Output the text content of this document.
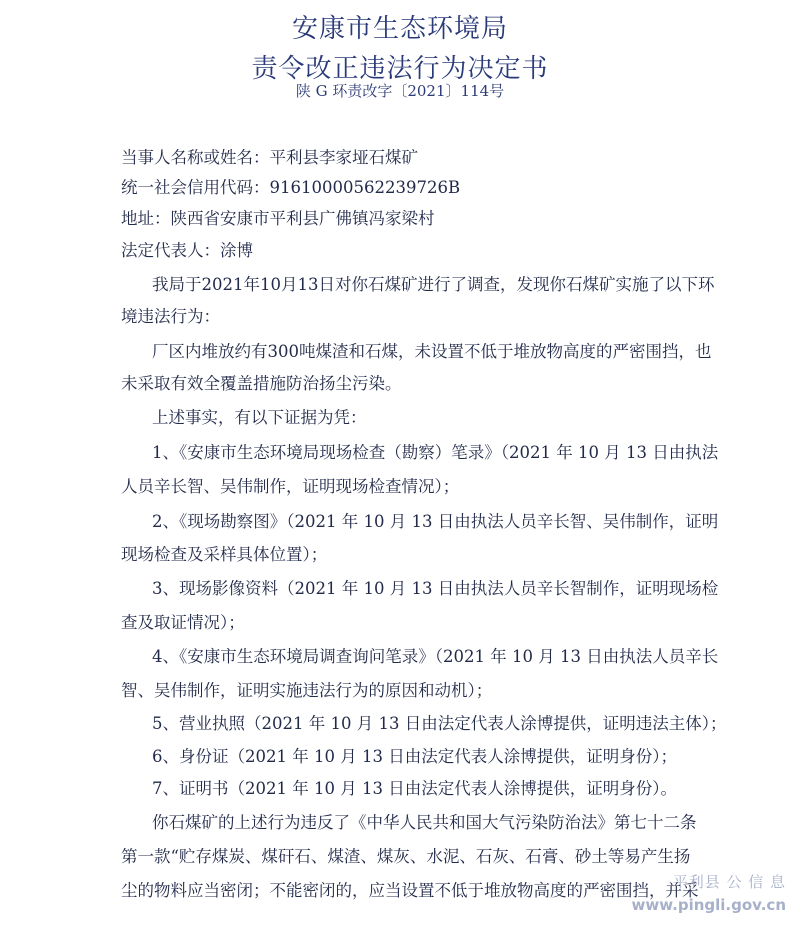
安康市生态环境局
责令改正违法行为决定书
陕 G 环责改字〔2021〕114号
当事人名称或姓名：平利县李家垭石煤矿
统一社会信用代码：91610000562239726B
地址：陕西省安康市平利县广佛镇冯家梁村
法定代表人：涂博
我局于2021年10月13日对你石煤矿进行了调查，发现你石煤矿实施了以下环
境违法行为：
厂区内堆放约有300吨煤渣和石煤，未设置不低于堆放物高度的严密围挡，也
未采取有效全覆盖措施防治扬尘污染。
上述事实，有以下证据为凭：
1、《安康市生态环境局现场检查（勘察）笔录》（2021 年 10 月 13 日由执法
人员辛长智、吴伟制作，证明现场检查情况）；
2、《现场勘察图》（2021 年 10 月 13 日由执法人员辛长智、吴伟制作，证明
现场检查及采样具体位置）；
3、现场影像资料（2021 年 10 月 13 日由执法人员辛长智制作，证明现场检
查及取证情况）；
4、《安康市生态环境局调查询问笔录》（2021 年 10 月 13 日由执法人员辛长
智、吴伟制作，证明实施违法行为的原因和动机）；
5、营业执照（2021 年 10 月 13 日由法定代表人涂博提供，证明违法主体）；
6、身份证（2021 年 10 月 13 日由法定代表人涂博提供，证明身份）；
7、证明书（2021 年 10 月 13 日由法定代表人涂博提供，证明身份）。
你石煤矿的上述行为违反了《中华人民共和国大气污染防治法》第七十二条
第一款“贮存煤炭、煤矸石、煤渣、煤灰、水泥、石灰、石膏、砂土等易产生扬
尘的物料应当密闭；不能密闭的，应当设置不低于堆放物高度的严密围挡，并采
平利县 公 信 息
www.pingli.gov.cn
